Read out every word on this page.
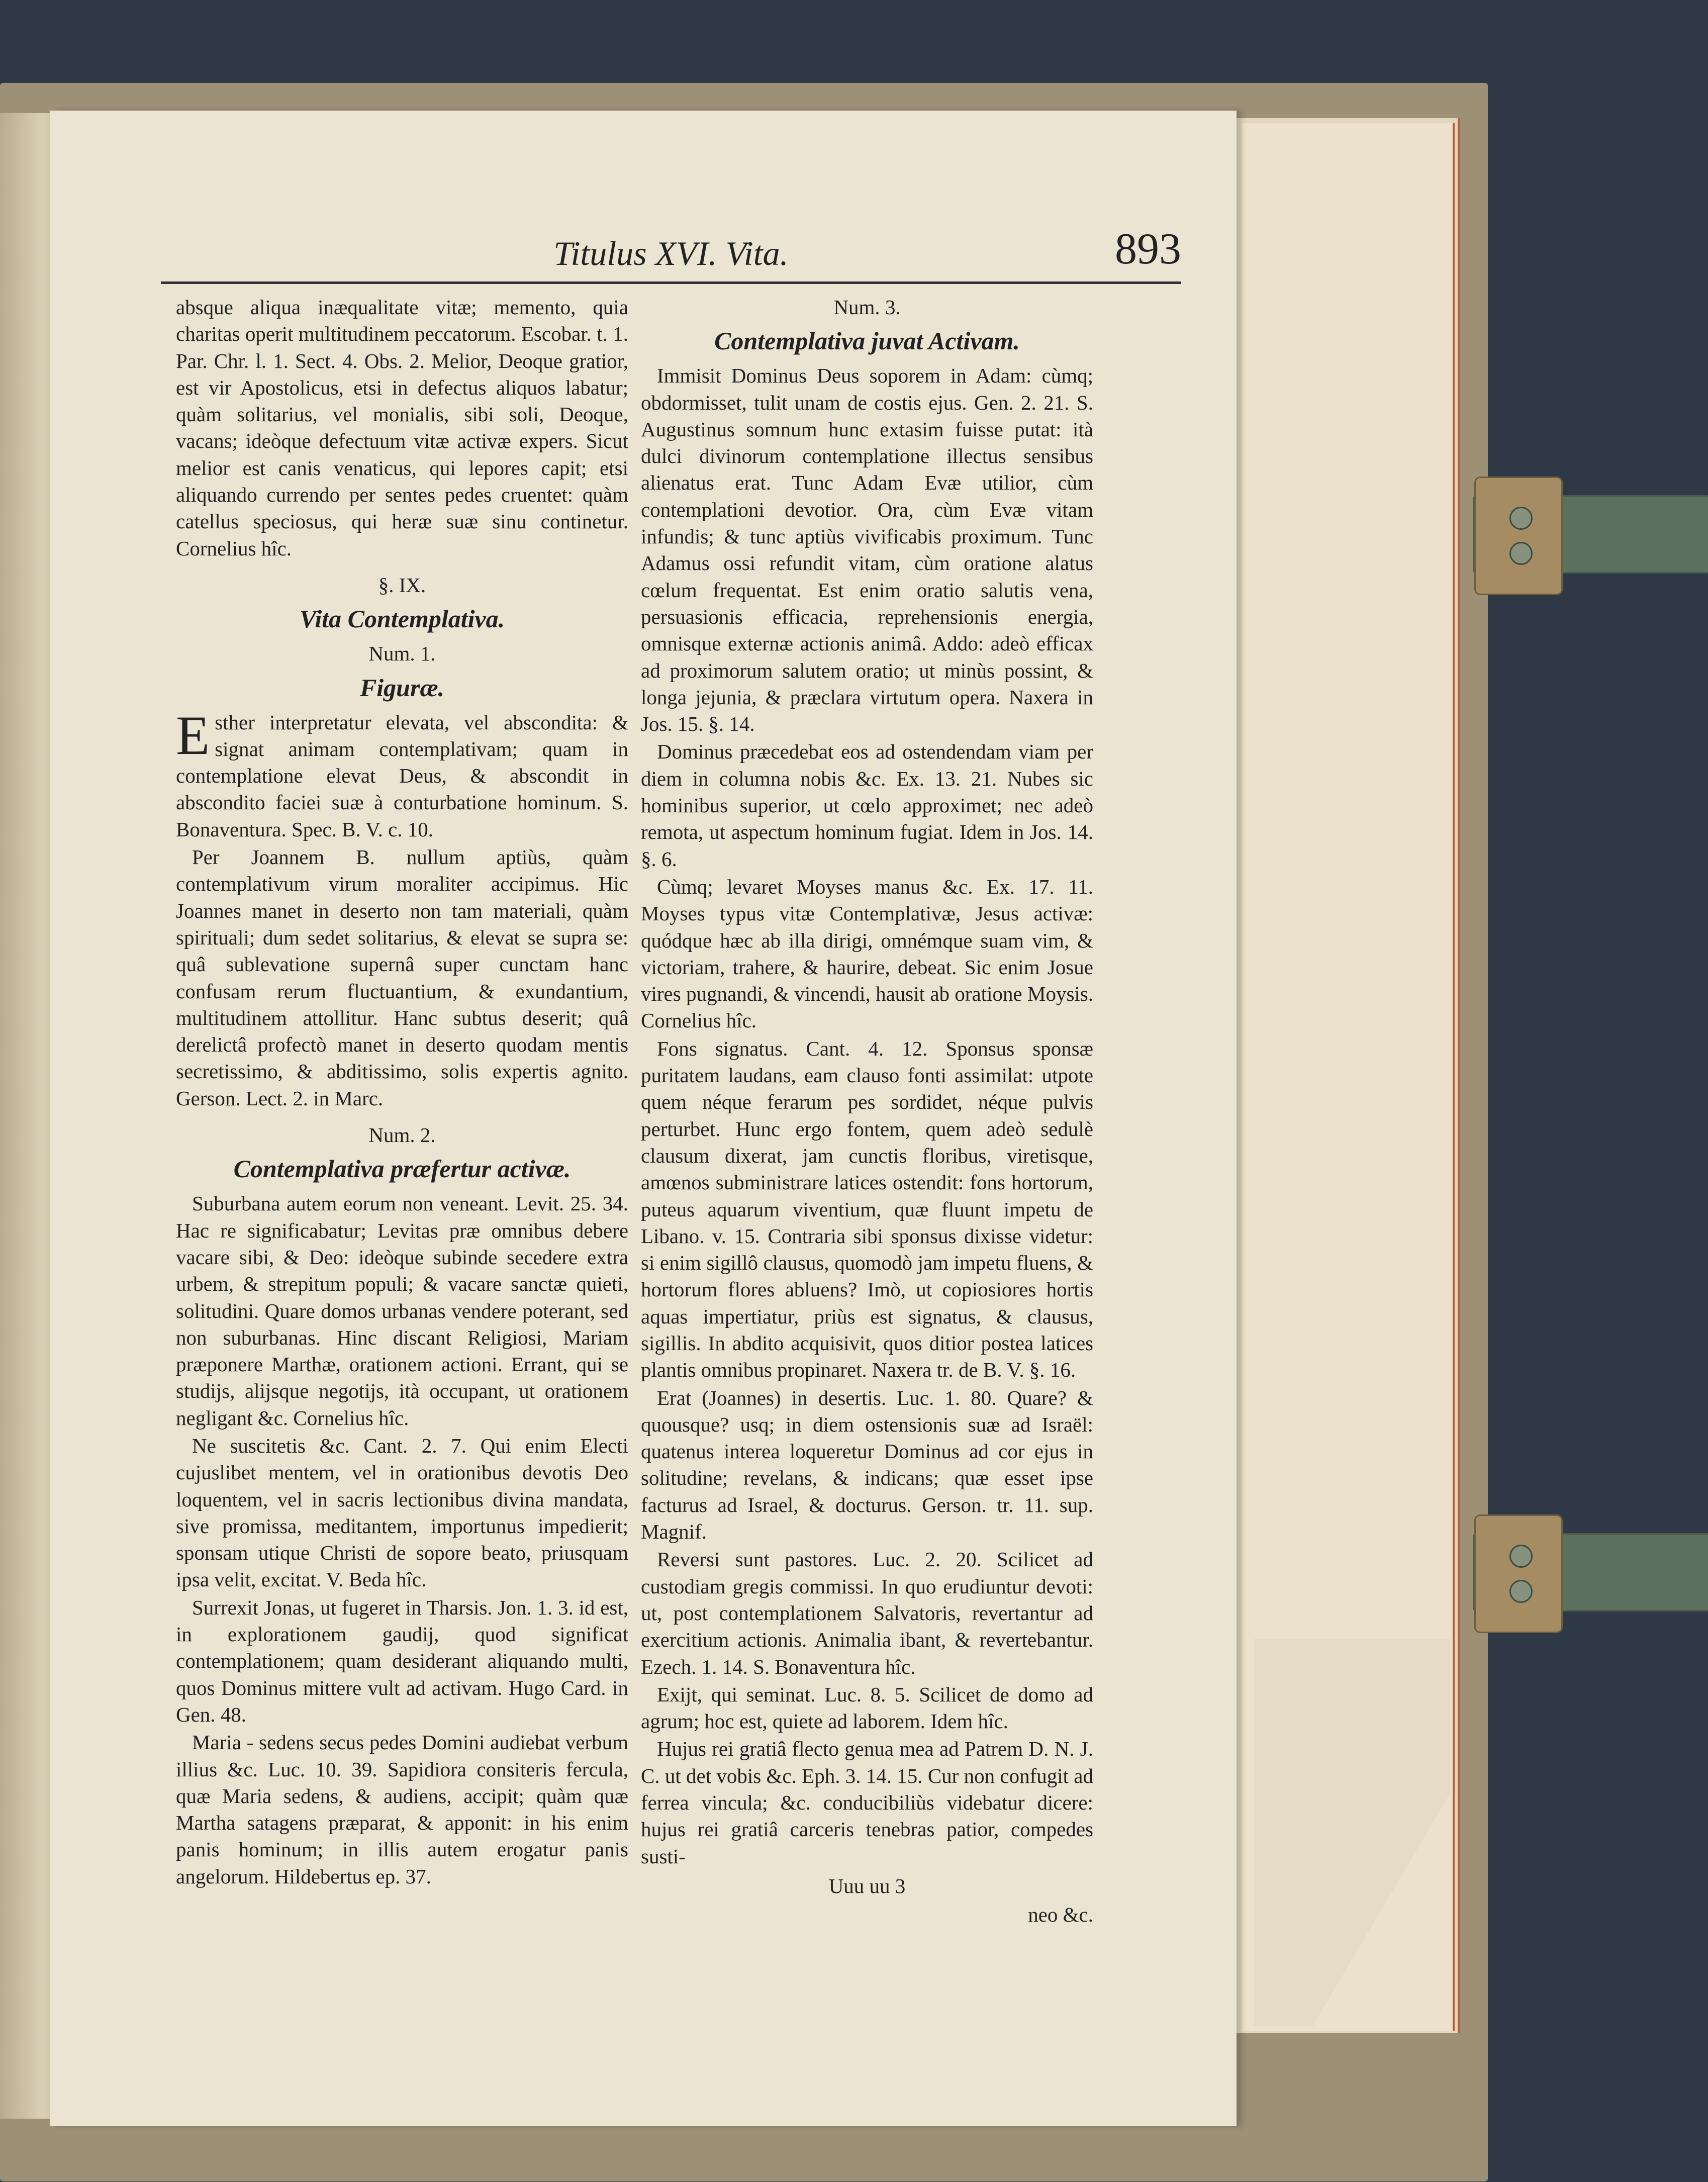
Titulus XVI. Vita.	893

absque aliqua inæqualitate vitæ; memento, quia charitas operit multitudinem peccatorum. Escobar. t. 1. Par. Chr. l. 1. Sect. 4. Obs. 2. Melior, Deoque gratior, est vir Apostolicus, etsi in defectus aliquos labatur; quàm solitarius, vel monialis, sibi soli, Deoque, vacans; ideòque defectuum vitæ activæ expers. Sicut melior est canis venaticus, qui lepores capit; etsi aliquando currendo per sentes pedes cruentet: quàm catellus speciosus, qui heræ suæ sinu continetur. Cornelius hîc.

§. IX.
Vita Contemplativa.
Num. 1.
Figuræ.

Esther interpretatur elevata, vel abscondita: & signat animam contemplativam; quam in contemplatione elevat Deus, & abscondit in abscondito faciei suæ à conturbatione hominum. S. Bonaventura. Spec. B. V. c. 10.

Per Joannem B. nullum aptiùs, quàm contemplativum virum moraliter accipimus. Hic Joannes manet in deserto non tam materiali, quàm spirituali; dum sedet solitarius, & elevat se supra se: quâ sublevatione supernâ super cunctam hanc confusam rerum fluctuantium, & exundantium, multitudinem attollitur. Hanc subtus deserit; quâ derelictâ profectò manet in deserto quodam mentis secretissimo, & abditissimo, solis expertis agnito. Gerson. Lect. 2. in Marc.

Num. 2.
Contemplativa præfertur activæ.

Suburbana autem eorum non veneant. Levit. 25. 34. Hac re significabatur; Levitas præ omnibus debere vacare sibi, & Deo: ideòque subinde secedere extra urbem, & strepitum populi; & vacare sanctæ quieti, solitudini. Quare domos urbanas vendere poterant, sed non suburbanas. Hinc discant Religiosi, Mariam præponere Marthæ, orationem actioni. Errant, qui se studijs, alijsque negotijs, ità occupant, ut orationem negligant &c. Cornelius hîc.

Ne suscitetis &c. Cant. 2. 7. Qui enim Electi cujuslibet mentem, vel in orationibus devotis Deo loquentem, vel in sacris lectionibus divina mandata, sive promissa, meditantem, importunus impedierit; sponsam utique Christi de sopore beato, priusquam ipsa velit, excitat. V. Beda hîc.

Surrexit Jonas, ut fugeret in Tharsis. Jon. 1. 3. id est, in explorationem gaudij, quod significat contemplationem; quam desiderant aliquando multi, quos Dominus mittere vult ad activam. Hugo Card. in Gen. 48.

Maria - sedens secus pedes Domini audiebat verbum illius &c. Luc. 10. 39. Sapidiora consiteris fercula, quæ Maria sedens, & audiens, accipit; quàm quæ Martha satagens præparat, & apponit: in his enim panis hominum; in illis autem erogatur panis angelorum. Hildebertus ep. 37.

Num. 3.
Contemplativa juvat Activam.

Immisit Dominus Deus soporem in Adam: cùmq; obdormisset, tulit unam de costis ejus. Gen. 2. 21. S. Augustinus somnum hunc extasim fuisse putat: ità dulci divinorum contemplatione illectus sensibus alienatus erat. Tunc Adam Evæ utilior, cùm contemplationi devotior. Ora, cùm Evæ vitam infundis; & tunc aptiùs vivificabis proximum. Tunc Adamus ossi refundit vitam, cùm oratione alatus cœlum frequentat. Est enim oratio salutis vena, persuasionis efficacia, reprehensionis energia, omnisque externæ actionis animâ. Addo: adeò efficax ad proximorum salutem oratio; ut minùs possint, & longa jejunia, & præclara virtutum opera. Naxera in Jos. 15. §. 14.

Dominus præcedebat eos ad ostendendam viam per diem in columna nobis &c. Ex. 13. 21. Nubes sic hominibus superior, ut cœlo approximet; nec adeò remota, ut aspectum hominum fugiat. Idem in Jos. 14. §. 6.

Cùmq; levaret Moyses manus &c. Ex. 17. 11. Moyses typus vitæ Contemplativæ, Jesus activæ: quódque hæc ab illa dirigi, omnémque suam vim, & victoriam, trahere, & haurire, debeat. Sic enim Josue vires pugnandi, & vincendi, hausit ab oratione Moysis. Cornelius hîc.

Fons signatus. Cant. 4. 12. Sponsus sponsæ puritatem laudans, eam clauso fonti assimilat: utpote quem néque ferarum pes sordidet, néque pulvis perturbet. Hunc ergo fontem, quem adeò sedulè clausum dixerat, jam cunctis floribus, viretisque, amœnos subministrare latices ostendit: fons hortorum, puteus aquarum viventium, quæ fluunt impetu de Libano. v. 15. Contraria sibi sponsus dixisse videtur: si enim sigillô clausus, quomodò jam impetu fluens, & hortorum flores abluens? Imò, ut copiosiores hortis aquas impertiatur, priùs est signatus, & clausus, sigillis. In abdito acquisivit, quos ditior postea latices plantis omnibus propinaret. Naxera tr. de B. V. §. 16.

Erat (Joannes) in desertis. Luc. 1. 80. Quare? & quousque? usq; in diem ostensionis suæ ad Israël: quatenus interea loqueretur Dominus ad cor ejus in solitudine; revelans, & indicans; quæ esset ipse facturus ad Israel, & docturus. Gerson. tr. 11. sup. Magnif.

Reversi sunt pastores. Luc. 2. 20. Scilicet ad custodiam gregis commissi. In quo erudiuntur devoti: ut, post contemplationem Salvatoris, revertantur ad exercitium actionis. Animalia ibant, & revertebantur. Ezech. 1. 14. S. Bonaventura hîc.

Exijt, qui seminat. Luc. 8. 5. Scilicet de domo ad agrum; hoc est, quiete ad laborem. Idem hîc.

Hujus rei gratiâ flecto genua mea ad Patrem D. N. J. C. ut det vobis &c. Eph. 3. 14. 15. Cur non confugit ad ferrea vincula; &c. conducibiliùs videbatur dicere: hujus rei gratiâ carceris tenebras patior, compedes susti-

Uuu uu 3
neo &c.
